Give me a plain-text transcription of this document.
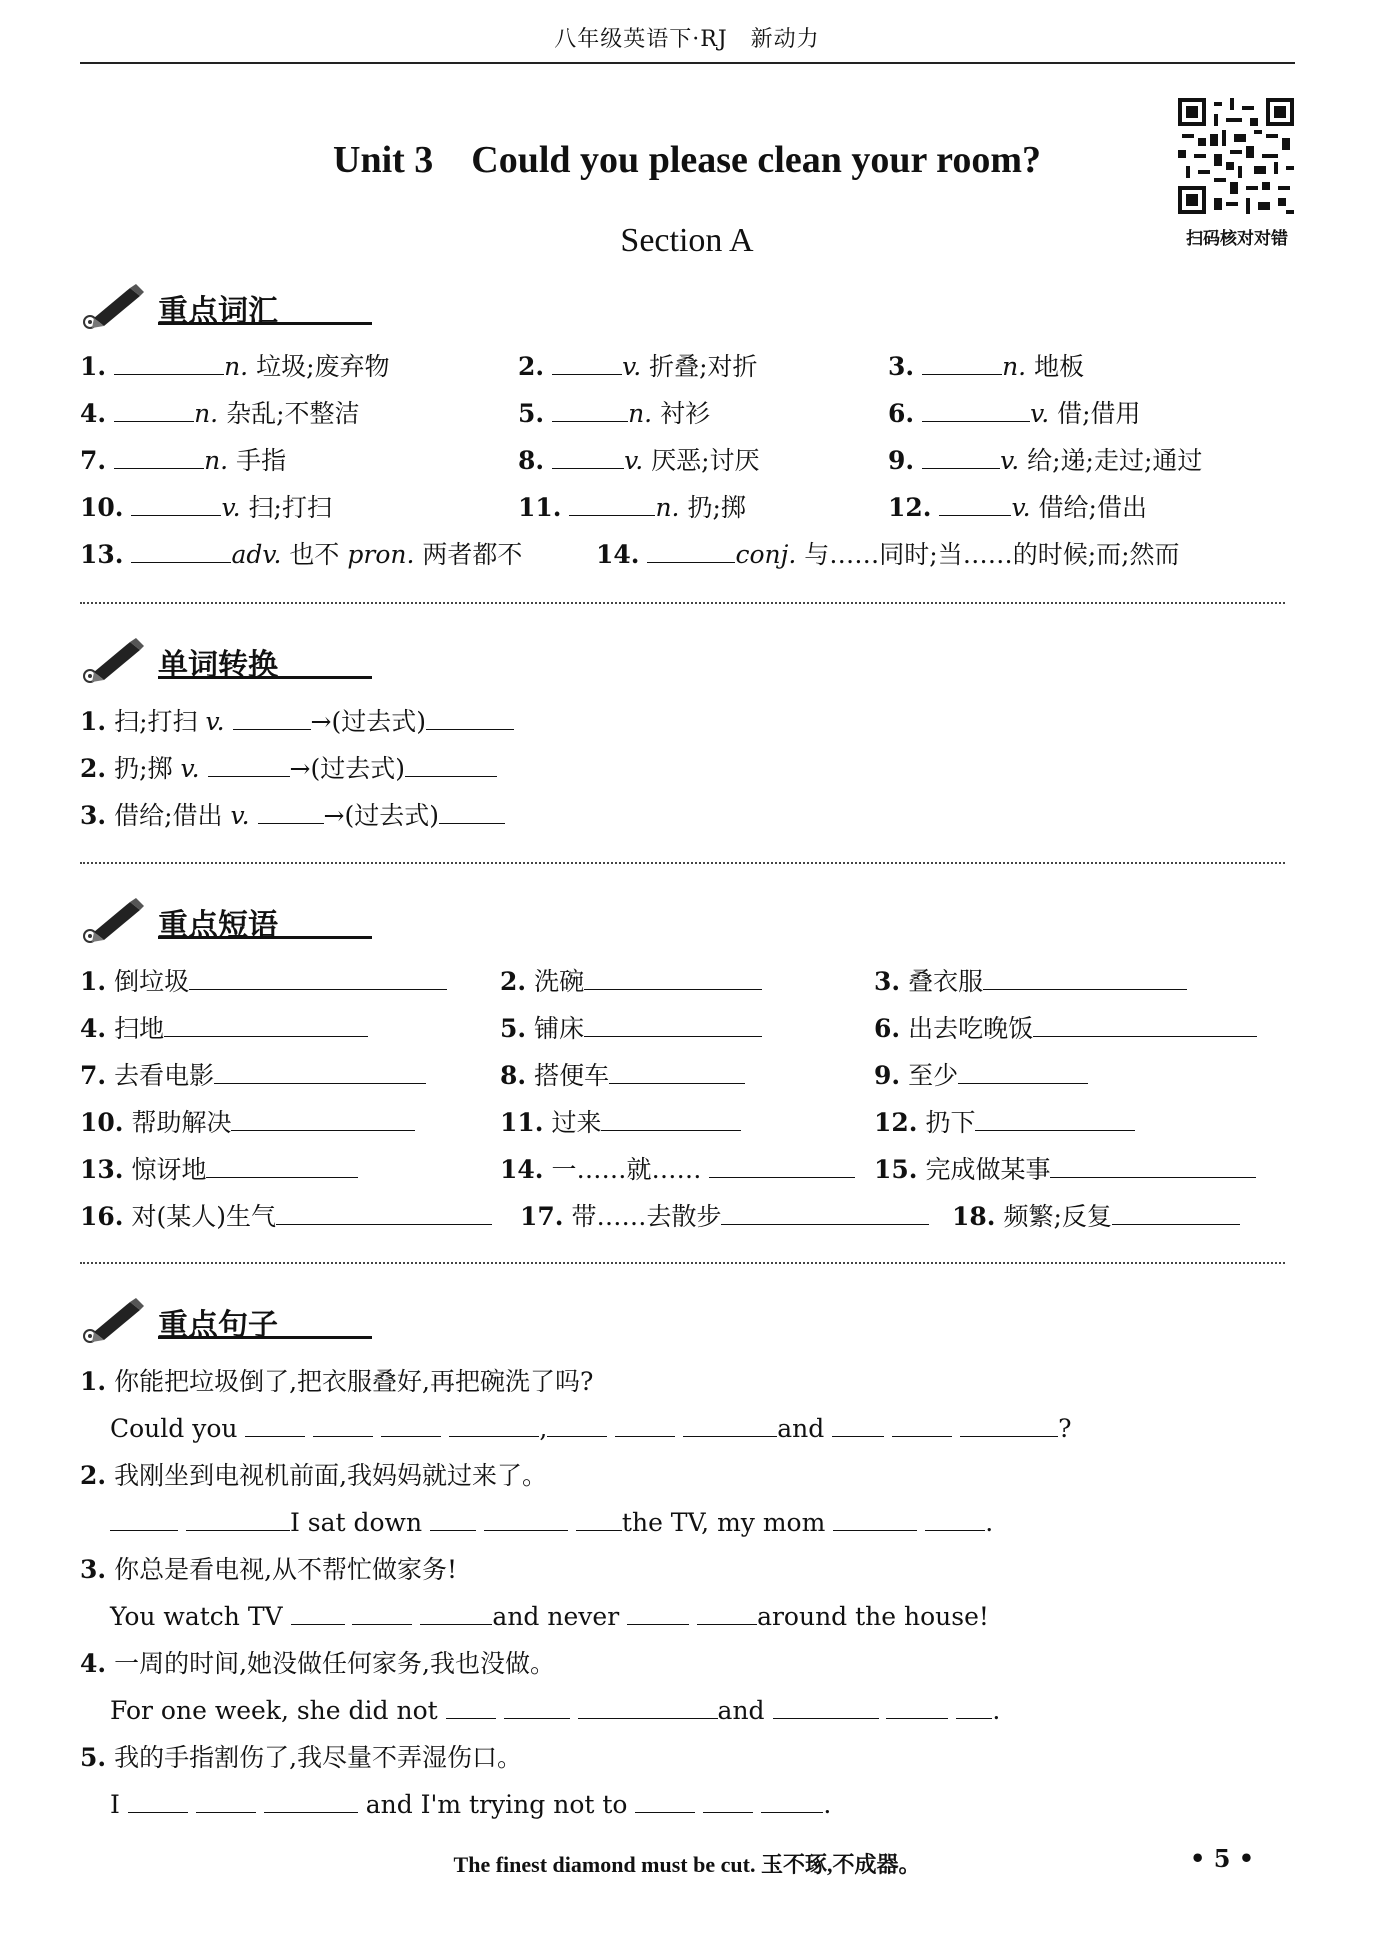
八年级英语下·RJ　新动力
Unit 3　Could you please clean your room?
Section A	扫码核对对错
重点词汇
1.	n. 垃圾;废弃物	2.	v. 折叠;对折	3.	n. 地板
4.	n. 杂乱;不整洁	5.	n. 衬衫	6.	v. 借;借用
7.	n. 手指	8.	v. 厌恶;讨厌	9.	v. 给;递;走过;通过
10.	v. 扫;打扫	11.	n. 扔;掷	12.	v. 借给;借出
13.	adv. 也不 pron. 两者都不	14.	conj. 与……同时;当……的时候;而;然而
单词转换
1. 扫;打扫 v.	→(过去式)
2. 扔;掷 v.	→(过去式)
3. 借给;借出 v.	→(过去式)
重点短语
1. 倒垃圾	2. 洗碗	3. 叠衣服
4. 扫地	5. 铺床	6. 出去吃晚饭
7. 去看电影	8. 搭便车	9. 至少
10. 帮助解决	11. 过来	12. 扔下
13. 惊讶地	14. 一……就……	15. 完成做某事
16. 对(某人)生气	17. 带……去散步	18. 频繁;反复
重点句子
1. 你能把垃圾倒了,把衣服叠好,再把碗洗了吗?
Could you	,	and	?
2. 我刚坐到电视机前面,我妈妈就过来了。
I sat down	the TV, my mom	.
3. 你总是看电视,从不帮忙做家务!
You watch TV	and never	around the house!
4. 一周的时间,她没做任何家务,我也没做。
For one week, she did not	and	.
5. 我的手指割伤了,我尽量不弄湿伤口。
I	and I'm trying not to	.
The finest diamond must be cut. 玉不琢,不成器。	• 5 •
